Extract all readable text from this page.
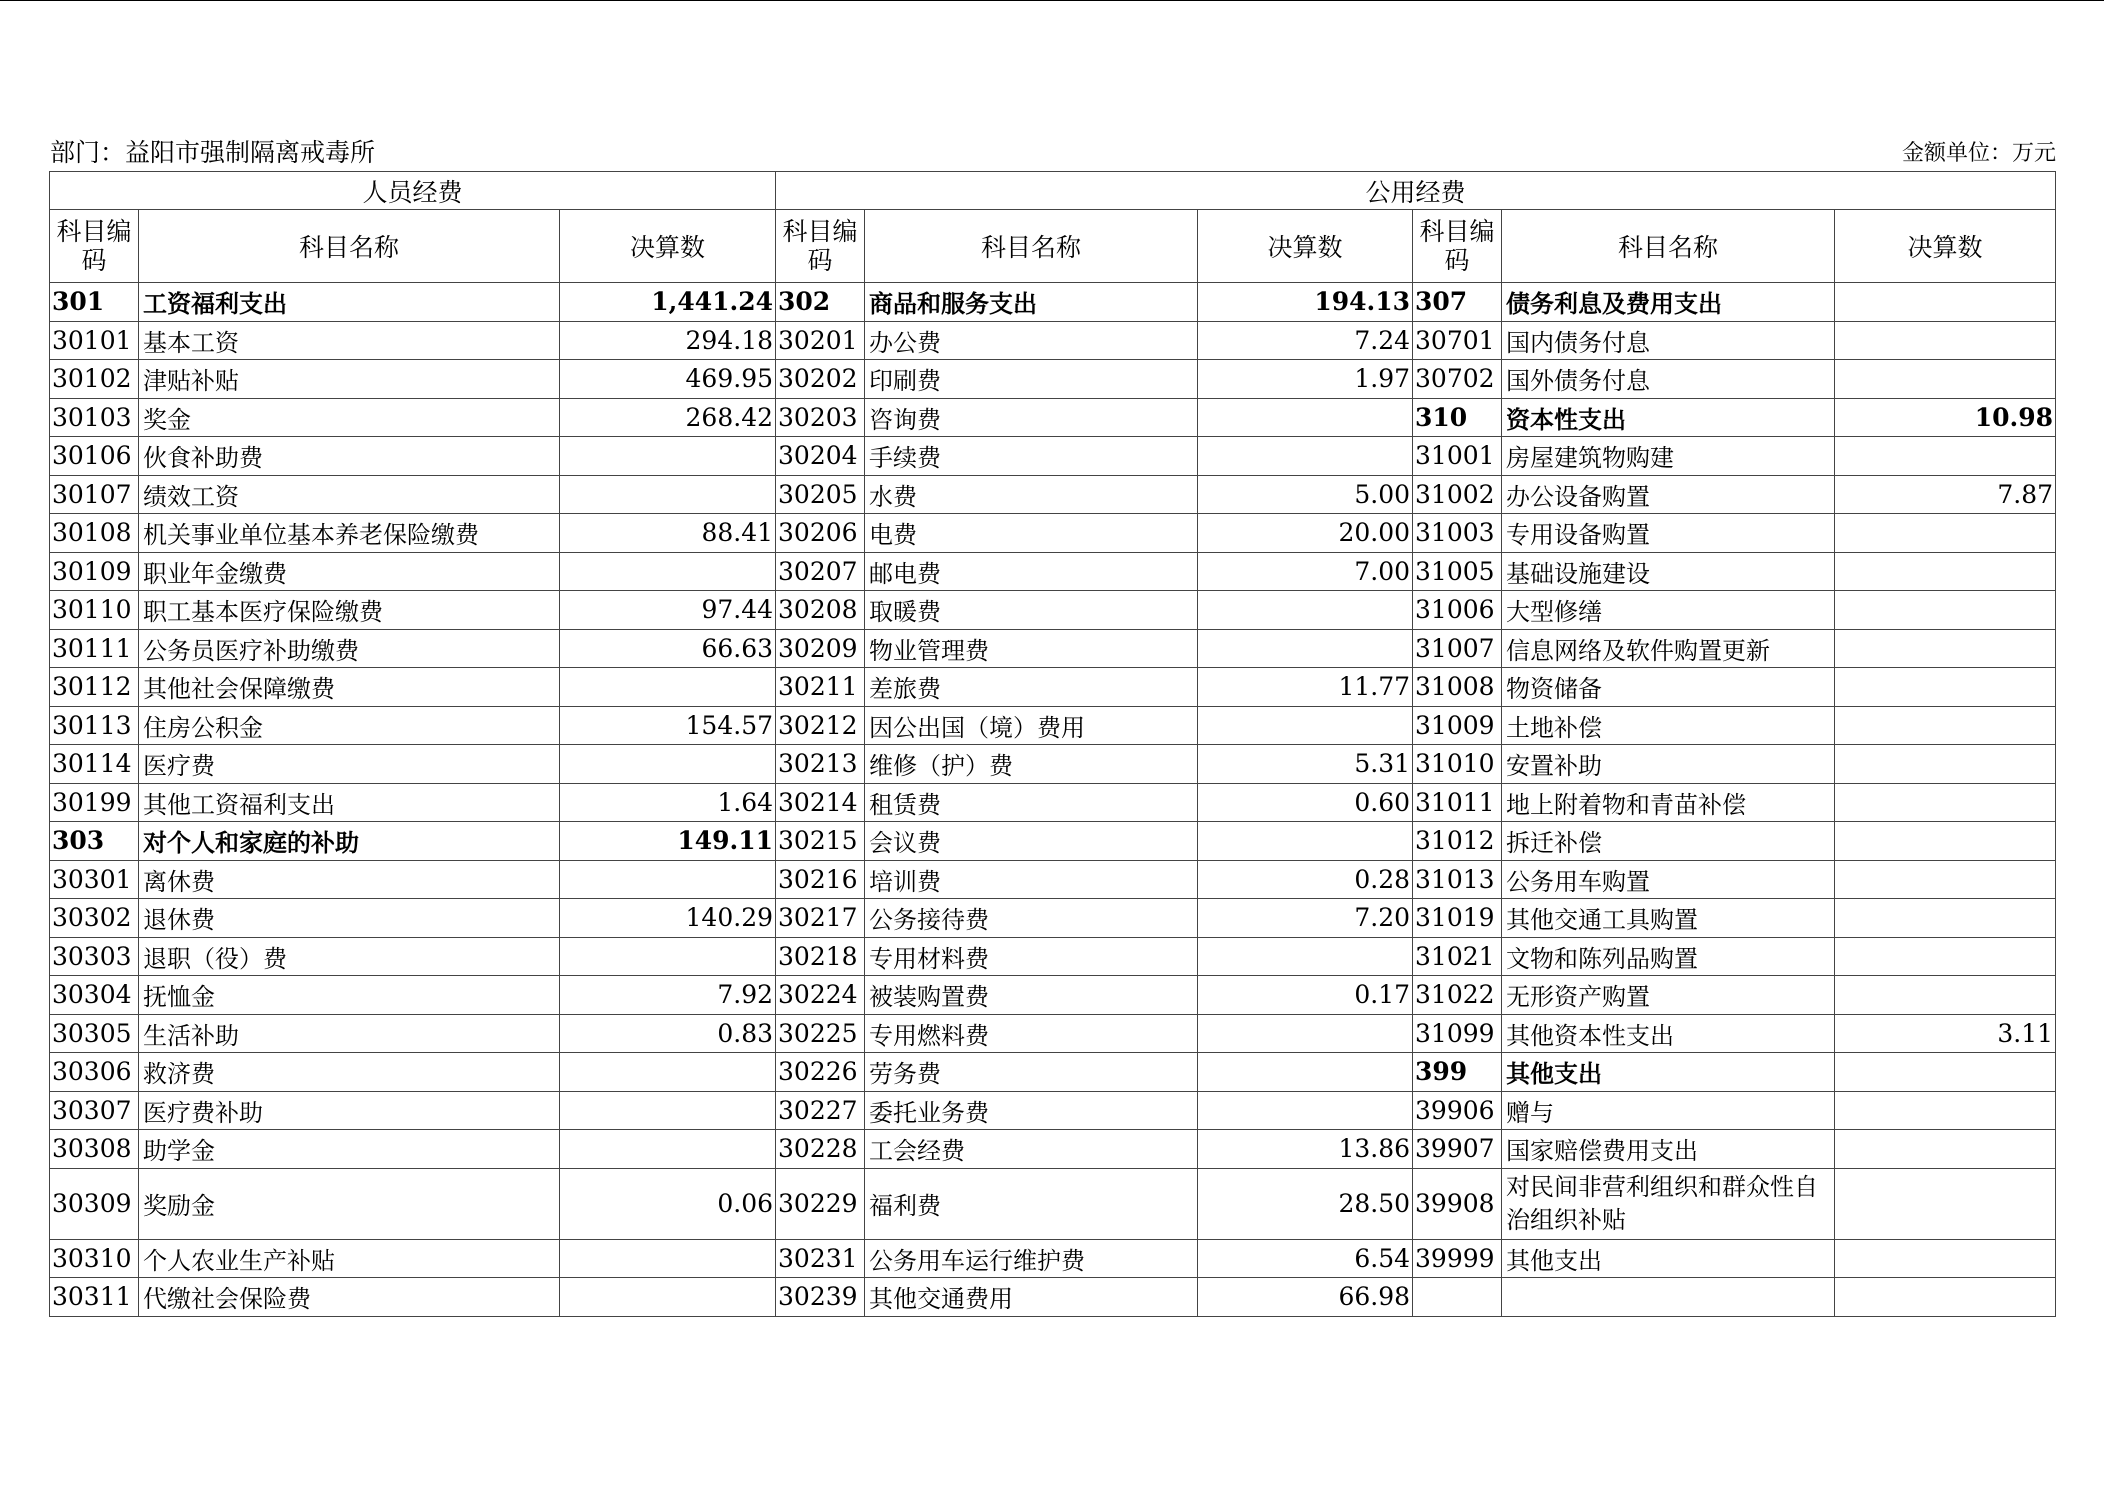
部门：益阳市强制隔离戒毒所	金额单位：万元
人员经费			公用经费					
科目编码	科目名称	决算数	科目编码	科目名称	决算数	科目编码	科目名称	决算数
301	工资福利支出	1,441.24	302	商品和服务支出	194.13	307	债务利息及费用支出	
30101	基本工资	294.18	30201	办公费	7.24	30701	国内债务付息	
30102	津贴补贴	469.95	30202	印刷费	1.97	30702	国外债务付息	
30103	奖金	268.42	30203	咨询费		310	资本性支出	10.98
30106	伙食补助费		30204	手续费		31001	房屋建筑物购建	
30107	绩效工资		30205	水费	5.00	31002	办公设备购置	7.87
30108	机关事业单位基本养老保险缴费	88.41	30206	电费	20.00	31003	专用设备购置	
30109	职业年金缴费		30207	邮电费	7.00	31005	基础设施建设	
30110	职工基本医疗保险缴费	97.44	30208	取暖费		31006	大型修缮	
30111	公务员医疗补助缴费	66.63	30209	物业管理费		31007	信息网络及软件购置更新	
30112	其他社会保障缴费		30211	差旅费	11.77	31008	物资储备	
30113	住房公积金	154.57	30212	因公出国（境）费用		31009	土地补偿	
30114	医疗费		30213	维修（护）费	5.31	31010	安置补助	
30199	其他工资福利支出	1.64	30214	租赁费	0.60	31011	地上附着物和青苗补偿	
303	对个人和家庭的补助	149.11	30215	会议费		31012	拆迁补偿	
30301	离休费		30216	培训费	0.28	31013	公务用车购置	
30302	退休费	140.29	30217	公务接待费	7.20	31019	其他交通工具购置	
30303	退职（役）费		30218	专用材料费		31021	文物和陈列品购置	
30304	抚恤金	7.92	30224	被装购置费	0.17	31022	无形资产购置	
30305	生活补助	0.83	30225	专用燃料费		31099	其他资本性支出	3.11
30306	救济费		30226	劳务费		399	其他支出	
30307	医疗费补助		30227	委托业务费		39906	赠与	
30308	助学金		30228	工会经费	13.86	39907	国家赔偿费用支出	
30309	奖励金	0.06	30229	福利费	28.50	39908	对民间非营利组织和群众性自治组织补贴	
30310	个人农业生产补贴		30231	公务用车运行维护费	6.54	39999	其他支出	
30311	代缴社会保险费		30239	其他交通费用	66.98			
